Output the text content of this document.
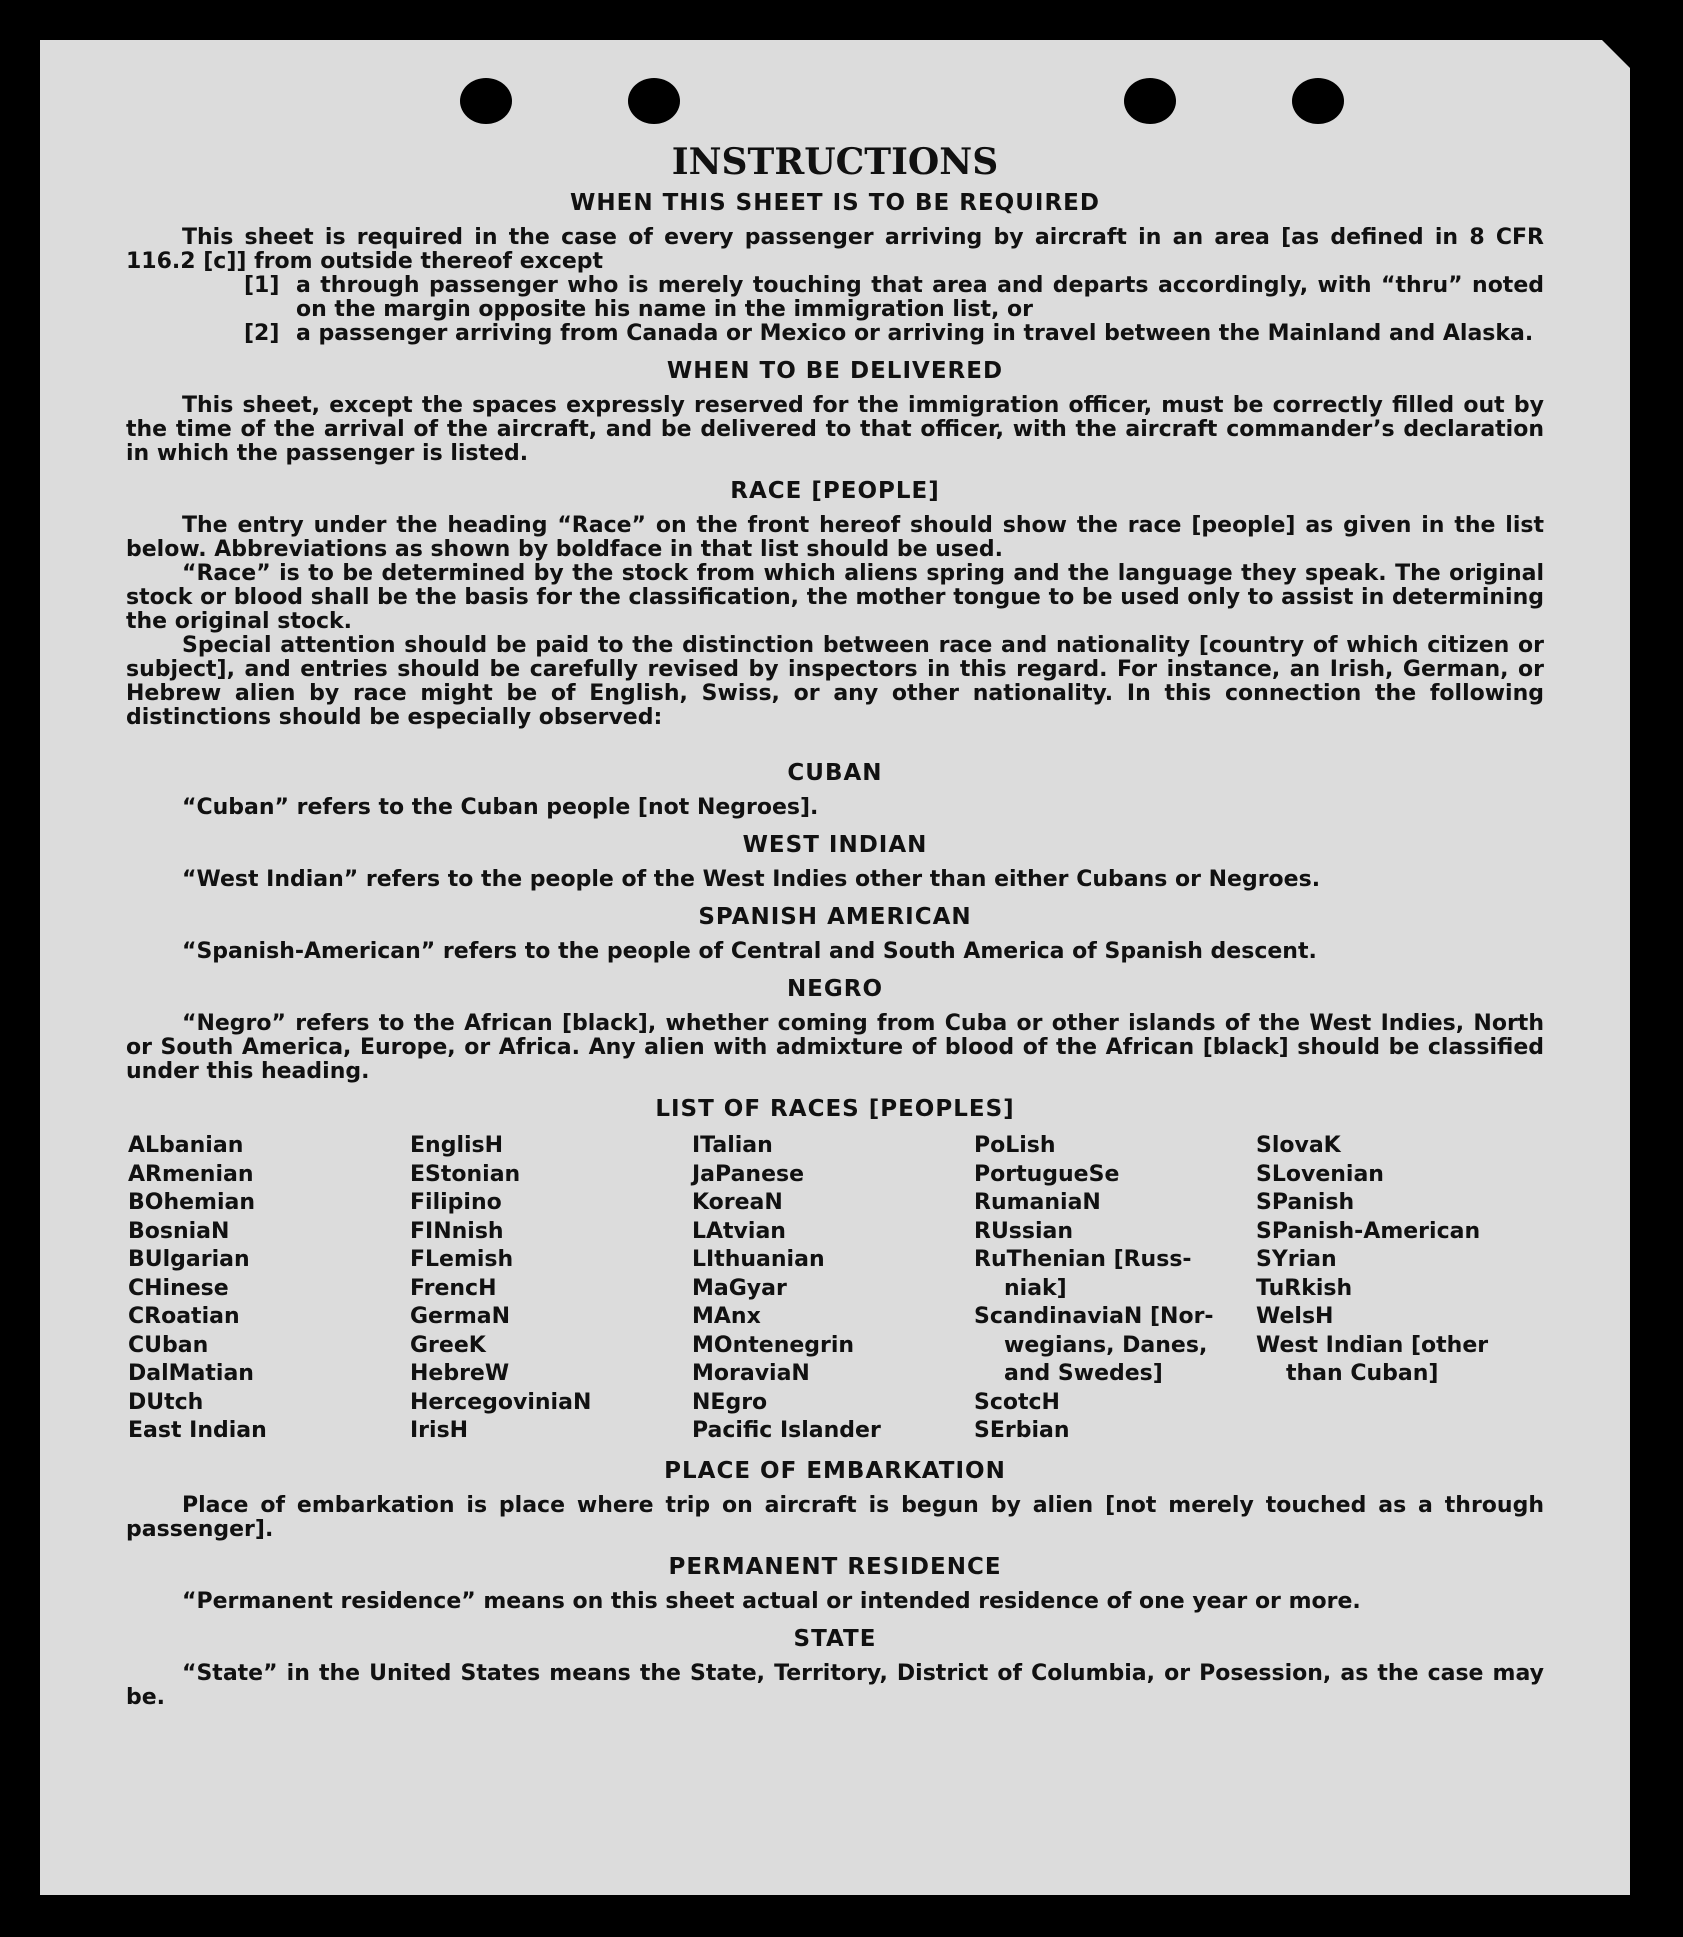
INSTRUCTIONS
WHEN THIS SHEET IS TO BE REQUIRED

This sheet is required in the case of every passenger arriving by aircraft in an area [as defined in 8 CFR 116.2 [c]] from outside thereof except

[1] a through passenger who is merely touching that area and departs accordingly, with “thru” noted on the margin opposite his name in the immigration list, or
[2] a passenger arriving from Canada or Mexico or arriving in travel between the Mainland and Alaska.
WHEN TO BE DELIVERED

This sheet, except the spaces expressly reserved for the immigration officer, must be correctly filled out by the time of the arrival of the aircraft, and be delivered to that officer, with the aircraft commander’s declaration in which the passenger is listed.

RACE [PEOPLE]

The entry under the heading “Race” on the front hereof should show the race [people] as given in the list below. Abbreviations as shown by boldface in that list should be used.

“Race” is to be determined by the stock from which aliens spring and the language they speak. The original stock or blood shall be the basis for the classification, the mother tongue to be used only to assist in determining the original stock.

Special attention should be paid to the distinction between race and nationality [country of which citizen or subject], and entries should be carefully revised by inspectors in this regard. For instance, an Irish, German, or Hebrew alien by race might be of English, Swiss, or any other nationality. In this connection the following distinctions should be especially observed:

CUBAN

“Cuban” refers to the Cuban people [not Negroes].

WEST INDIAN

“West Indian” refers to the people of the West Indies other than either Cubans or Negroes.

SPANISH AMERICAN

“Spanish-American” refers to the people of Central and South America of Spanish descent.

NEGRO

“Negro” refers to the African [black], whether coming from Cuba or other islands of the West Indies, North or South America, Europe, or Africa. Any alien with admixture of blood of the African [black] should be classified under this heading.

LIST OF RACES [PEOPLES]
ALbanian
ARmenian
BOhemian
BosniaN
BUlgarian
CHinese
CRoatian
CUban
DalMatian
DUtch
East Indian
EnglisH
EStonian
Filipino
FINnish
FLemish
FrencH
GermaN
GreeK
HebreW
HercegoviniaN
IrisH
ITalian
JaPanese
KoreaN
LAtvian
LIthuanian
MaGyar
MAnx
MOntenegrin
MoraviaN
NEgro
Pacific Islander
PoLish
PortugueSe
RumaniaN
RUssian
RuThenian [Russ-
niak]
ScandinaviaN [Nor-
wegians, Danes,
and Swedes]
ScotcH
SErbian
SlovaK
SLovenian
SPanish
SPanish-American
SYrian
TuRkish
WelsH
West Indian [other
than Cuban]
PLACE OF EMBARKATION

Place of embarkation is place where trip on aircraft is begun by alien [not merely touched as a through passenger].

PERMANENT RESIDENCE

“Permanent residence” means on this sheet actual or intended residence of one year or more.

STATE

“State” in the United States means the State, Territory, District of Columbia, or Posession, as the case may be.
